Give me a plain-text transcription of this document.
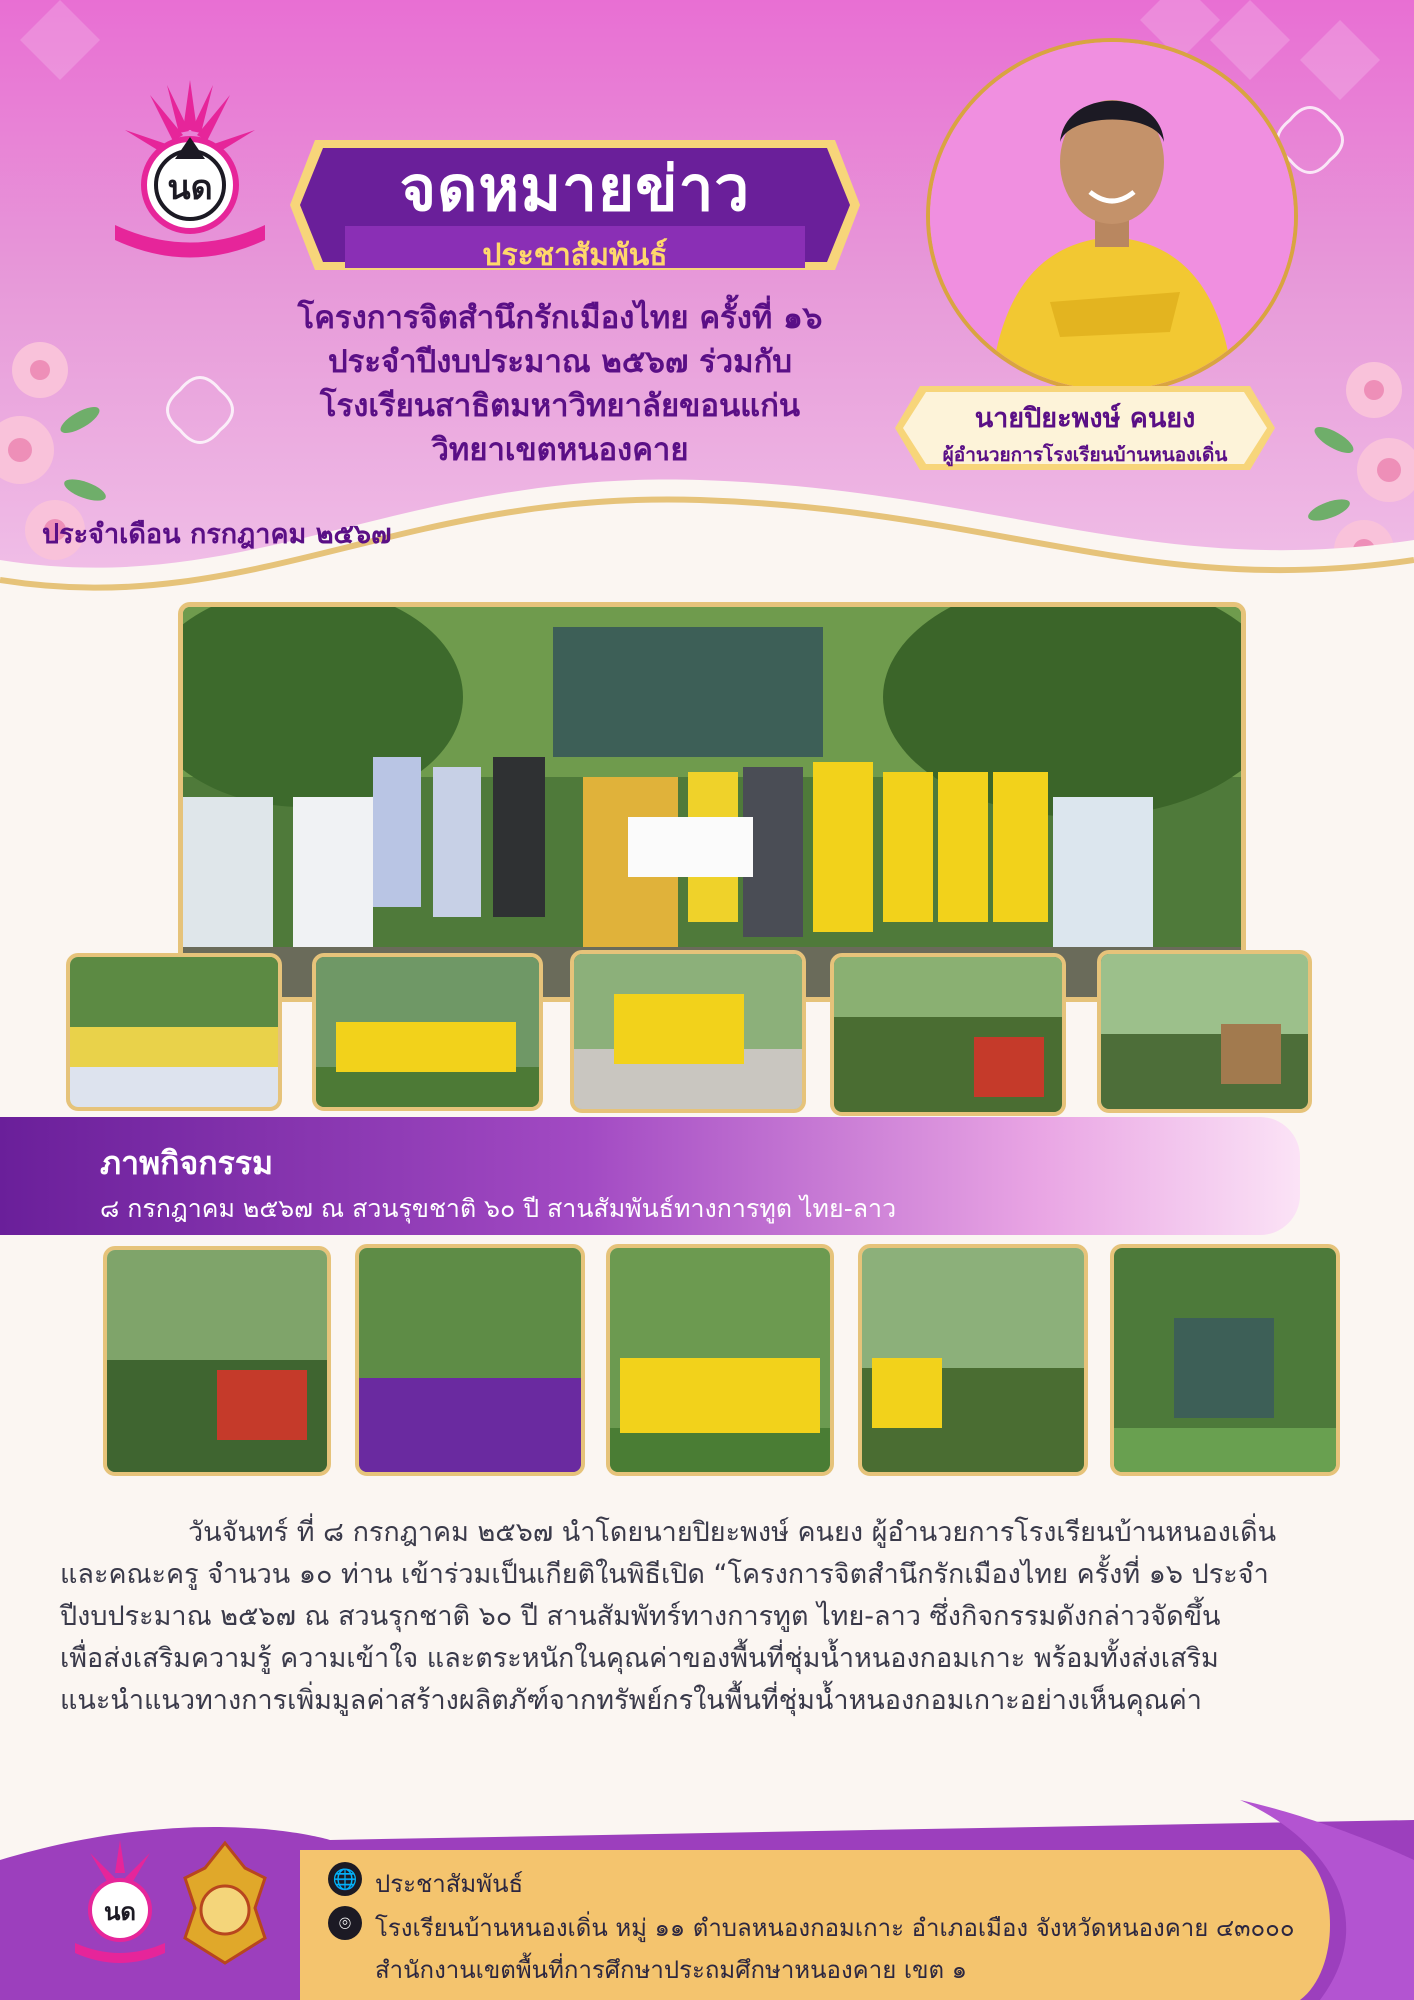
นด	จดหมายข่าว
ประชาสัมพันธ์
โครงการจิตสำนึกรักเมืองไทย ครั้งที่ ๑๖
ประจำปีงบประมาณ ๒๕๖๗ ร่วมกับ
โรงเรียนสาธิตมหาวิทยาลัยขอนแก่น
วิทยาเขตหนองคาย
ประจำเดือน กรกฎาคม ๒๕๖๗
นายปิยะพงษ์ คนยง
ผู้อำนวยการโรงเรียนบ้านหนองเดิ่น
ภาพกิจกรรม
๘ กรกฎาคม ๒๕๖๗ ณ สวนรุขชาติ ๖๐ ปี สานสัมพันธ์ทางการทูต ไทย-ลาว

วันจันทร์ ที่ ๘ กรกฎาคม ๒๕๖๗ นำโดยนายปิยะพงษ์ คนยง ผู้อำนวยการโรงเรียนบ้านหนองเดิ่น

และคณะครู จำนวน ๑๐ ท่าน เข้าร่วมเป็นเกียติในพิธีเปิด “โครงการจิตสำนึกรักเมืองไทย ครั้งที่ ๑๖ ประจำ

ปีงบประมาณ ๒๕๖๗ ณ สวนรุกชาติ ๖๐ ปี สานสัมพัทร์ทางการทูต ไทย-ลาว ซึ่งกิจกรรมดังกล่าวจัดขึ้น

เพื่อส่งเสริมความรู้ ความเข้าใจ และตระหนักในคุณค่าของพื้นที่ชุ่มน้ำหนองกอมเกาะ พร้อมทั้งส่งเสริม

แนะนำแนวทางการเพิ่มมูลค่าสร้างผลิตภัฑ์จากทรัพย์กรในพื้นที่ชุ่มน้ำหนองกอมเกาะอย่างเห็นคุณค่า

นด
🌐 ประชาสัมพันธ์
⌾	โรงเรียนบ้านหนองเดิ่น หมู่ ๑๑ ตำบลหนองกอมเกาะ อำเภอเมือง จังหวัดหนองคาย ๔๓๐๐๐
สำนักงานเขตพื้นที่การศึกษาประถมศึกษาหนองคาย เขต ๑
